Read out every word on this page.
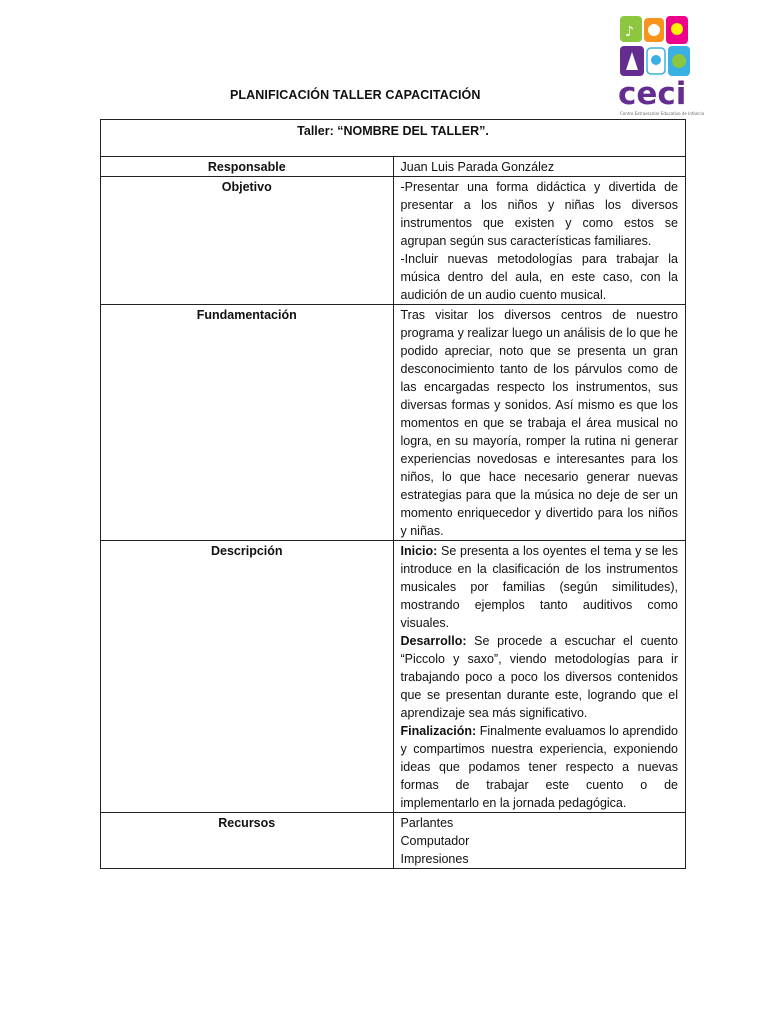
PLANIFICACIÓN TALLER CAPACITACIÓN
♪
ceci
Centro Extraescolar Educativo de Infancia
Taller: “NOMBRE DEL TALLER”.	
Responsable	Juan Luis Parada González
Objetivo	-Presentar una forma didáctica y divertida de presentar a los niños y niñas los diversos instrumentos que existen y como estos se agrupan según sus características familiares.
-Incluir nuevas metodologías para trabajar la música dentro del aula, en este caso, con la audición de un audio cuento musical.

Fundamentación	Tras visitar los diversos centros de nuestro programa y realizar luego un análisis de lo que he podido apreciar, noto que se presenta un gran desconocimiento tanto de los párvulos como de las encargadas respecto los instrumentos, sus diversas formas y sonidos. Así mismo es que los momentos en que se trabaja el área musical no logra, en su mayoría, romper la rutina ni generar experiencias novedosas e interesantes para los niños, lo que hace necesario generar nuevas estrategias para que la música no deje de ser un momento enriquecedor y divertido para los niños y niñas.
Descripción	Inicio: Se presenta a los oyentes el tema y se les introduce en la clasificación de los instrumentos musicales por familias (según similitudes), mostrando ejemplos tanto auditivos como visuales.
Desarrollo: Se procede a escuchar el cuento “Piccolo y saxo”, viendo metodologías para ir trabajando poco a poco los diversos contenidos que se presentan durante este, logrando que el aprendizaje sea más significativo.
Finalización: Finalmente evaluamos lo aprendido y compartimos nuestra experiencia, exponiendo ideas que podamos tener respecto a nuevas formas de trabajar este cuento o de implementarlo en la jornada pedagógica.

Recursos	Parlantes
Computador
Impresiones
